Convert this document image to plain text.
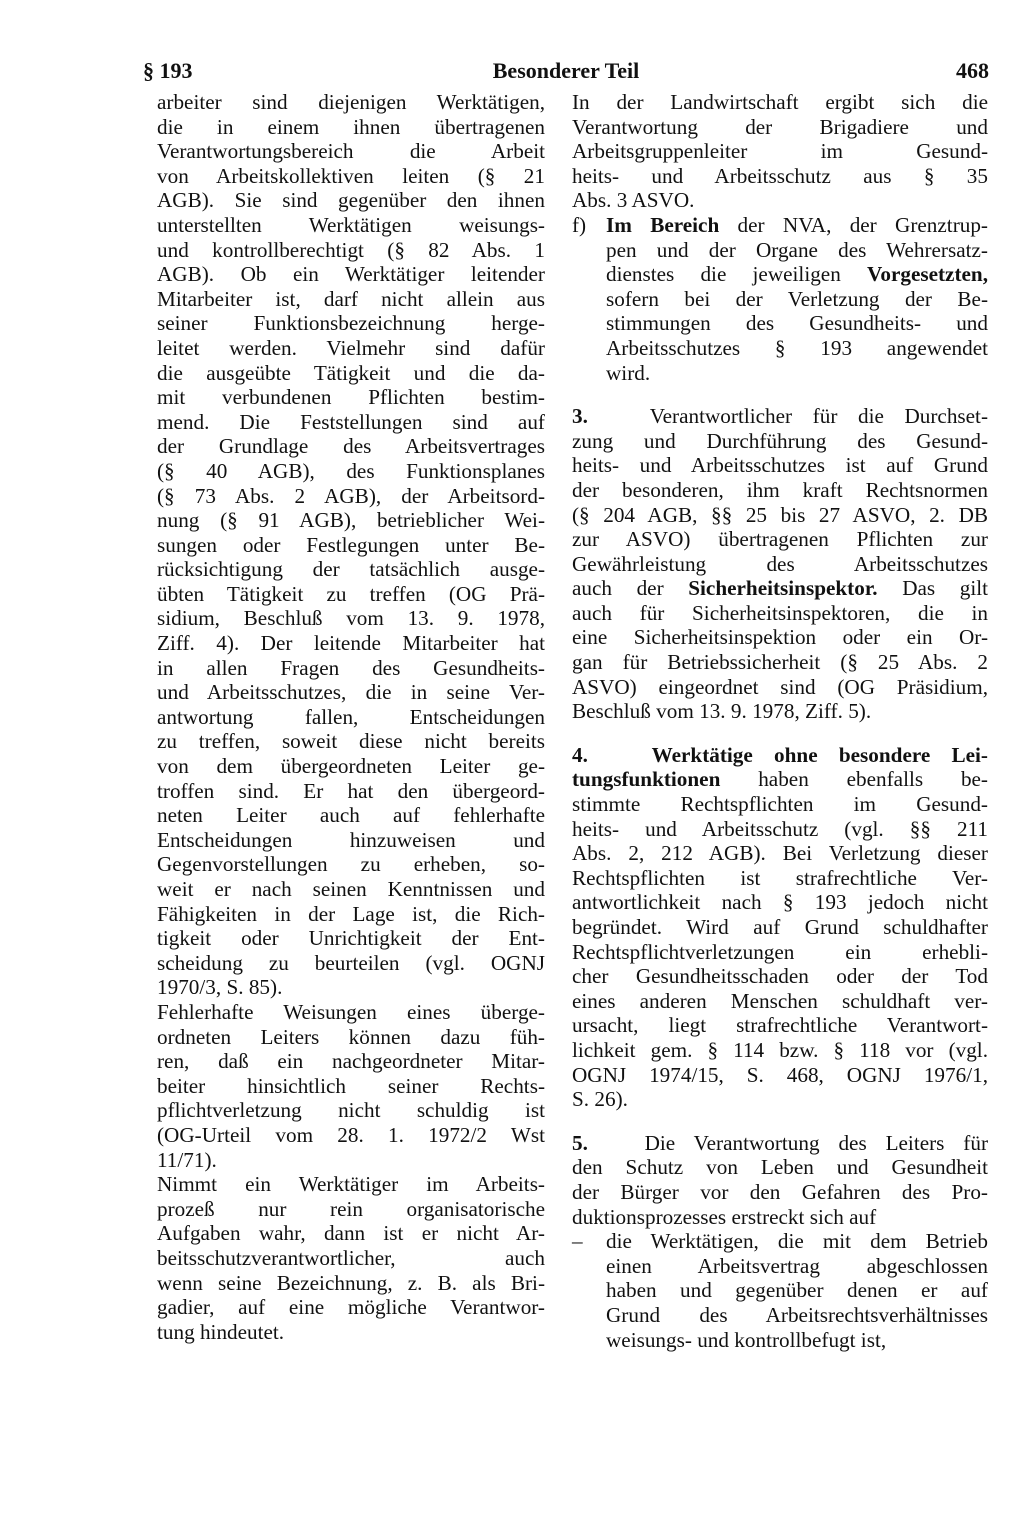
§ 193	Besonderer Teil	468
arbeiter sind diejenigen Werktätigen,
die in einem ihnen übertragenen
Verantwortungsbereich die Arbeit
von Arbeitskollektiven leiten (§ 21
AGB). Sie sind gegenüber den ihnen
unterstellten Werktätigen weisungs-
und kontrollberechtigt (§ 82 Abs. 1
AGB). Ob ein Werktätiger leitender
Mitarbeiter ist, darf nicht allein aus
seiner Funktionsbezeichnung herge-
leitet werden. Vielmehr sind dafür
die ausgeübte Tätigkeit und die da-
mit verbundenen Pflichten bestim-
mend. Die Feststellungen sind auf
der Grundlage des Arbeitsvertrages
(§ 40 AGB), des Funktionsplanes
(§ 73 Abs. 2 AGB), der Arbeitsord-
nung (§ 91 AGB), betrieblicher Wei-
sungen oder Festlegungen unter Be-
rücksichtigung der tatsächlich ausge-
übten Tätigkeit zu treffen (OG Prä-
sidium, Beschluß vom 13. 9. 1978,
Ziff. 4). Der leitende Mitarbeiter hat
in allen Fragen des Gesundheits-
und Arbeitsschutzes, die in seine Ver-
antwortung fallen, Entscheidungen
zu treffen, soweit diese nicht bereits
von dem übergeordneten Leiter ge-
troffen sind. Er hat den übergeord-
neten Leiter auch auf fehlerhafte
Entscheidungen hinzuweisen und
Gegenvorstellungen zu erheben, so-
weit er nach seinen Kenntnissen und
Fähigkeiten in der Lage ist, die Rich-
tigkeit oder Unrichtigkeit der Ent-
scheidung zu beurteilen (vgl. OGNJ
1970/3, S. 85).
Fehlerhafte Weisungen eines überge-
ordneten Leiters können dazu füh-
ren, daß ein nachgeordneter Mitar-
beiter hinsichtlich seiner Rechts-
pflichtverletzung nicht schuldig ist
(OG-Urteil vom 28. 1. 1972/2 Wst
11/71).
Nimmt ein Werktätiger im Arbeits-
prozeß nur rein organisatorische
Aufgaben wahr, dann ist er nicht Ar-
beitsschutzverantwortlicher, auch
wenn seine Bezeichnung, z. B. als Bri-
gadier, auf eine mögliche Verantwor-
tung hindeutet.
In der Landwirtschaft ergibt sich die
Verantwortung der Brigadiere und
Arbeitsgruppenleiter im Gesund-
heits- und Arbeitsschutz aus § 35
Abs. 3 ASVO.
f) Im Bereich der NVA, der Grenztrup-
pen und der Organe des Wehrersatz-
dienstes die jeweiligen Vorgesetzten,
sofern bei der Verletzung der Be-
stimmungen des Gesundheits- und
Arbeitsschutzes § 193 angewendet
wird.
3.	Verantwortlicher für die Durchset-
zung und Durchführung des Gesund-
heits- und Arbeitsschutzes ist auf Grund
der besonderen, ihm kraft Rechtsnormen
(§ 204 AGB, §§ 25 bis 27 ASVO, 2. DB
zur ASVO) übertragenen Pflichten zur
Gewährleistung des Arbeitsschutzes
auch der Sicherheitsinspektor. Das gilt
auch für Sicherheitsinspektoren, die in
eine Sicherheitsinspektion oder ein Or-
gan für Betriebssicherheit (§ 25 Abs. 2
ASVO) eingeordnet sind (OG Präsidium,
Beschluß vom 13. 9. 1978, Ziff. 5).
4.	Werktätige ohne besondere Lei-
tungsfunktionen haben ebenfalls be-
stimmte Rechtspflichten im Gesund-
heits- und Arbeitsschutz (vgl. §§ 211
Abs. 2, 212 AGB). Bei Verletzung dieser
Rechtspflichten ist strafrechtliche Ver-
antwortlichkeit nach § 193 jedoch nicht
begründet. Wird auf Grund schuldhafter
Rechtspflichtverletzungen ein erhebli-
cher Gesundheitsschaden oder der Tod
eines anderen Menschen schuldhaft ver-
ursacht, liegt strafrechtliche Verantwort-
lichkeit gem. § 114 bzw. § 118 vor (vgl.
OGNJ 1974/15, S. 468, OGNJ 1976/1,
S. 26).
5.	Die Verantwortung des Leiters für
den Schutz von Leben und Gesundheit
der Bürger vor den Gefahren des Pro-
duktionsprozesses erstreckt sich auf
– die Werktätigen, die mit dem Betrieb
einen Arbeitsvertrag abgeschlossen
haben und gegenüber denen er auf
Grund des Arbeitsrechtsverhältnisses
weisungs- und kontrollbefugt ist,
